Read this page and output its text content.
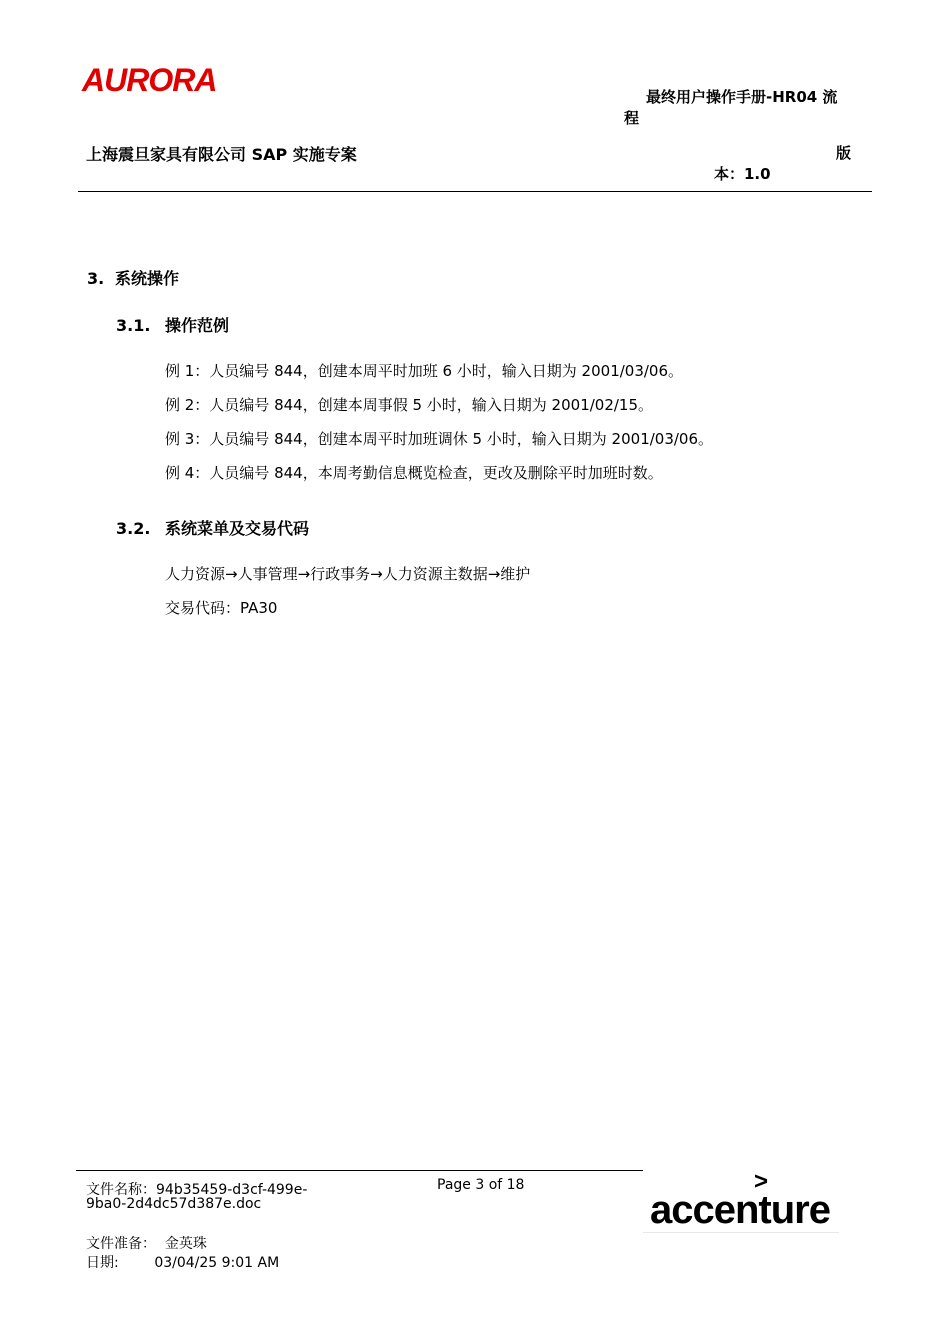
AURORA	最终用户操作手册-HR04 流
程
上海震旦家具有限公司 SAP 实施专案	版
本：1.0
3. 系统操作
3.1. 操作范例
例 1：人员编号 844，创建本周平时加班 6 小时，输入日期为 2001/03/06。
例 2：人员编号 844，创建本周事假 5 小时，输入日期为 2001/02/15。
例 3：人员编号 844，创建本周平时加班调休 5 小时，输入日期为 2001/03/06。
例 4：人员编号 844，本周考勤信息概览检查，更改及删除平时加班时数。
3.2. 系统菜单及交易代码
人力资源→人事管理→行政事务→人力资源主数据→维护
交易代码：PA30
文件名称：94b35459-d3cf-499e-
9ba0-2d4dc57d387e.doc
Page 3 of 18
文件准备：  金英珠
日期:        03/04/25 9:01 AM
>
accenture
